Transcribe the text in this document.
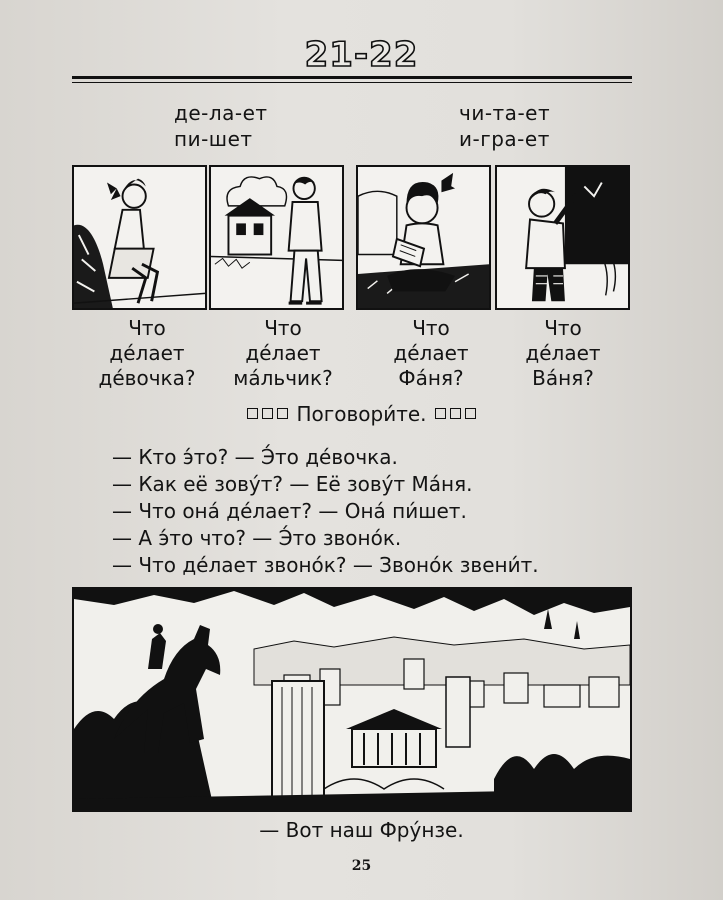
21-22
де-ла-ет
пи-шет
чи-та-ет
и-гра-ет
Что
де́лает
де́вочка?
Что
де́лает
ма́льчик?
Что
де́лает
Фа́ня?
Что
де́лает
Ва́ня?
Поговори́те.
— Кто э́то? — Э́то де́вочка.
— Как её зову́т? — Её зову́т Ма́ня.
— Что она́ де́лает? — Она́ пи́шет.
— А э́то что? — Э́то звоно́к.
— Что де́лает звоно́к? — Звоно́к звени́т.
— Вот наш Фру́нзе.
25
